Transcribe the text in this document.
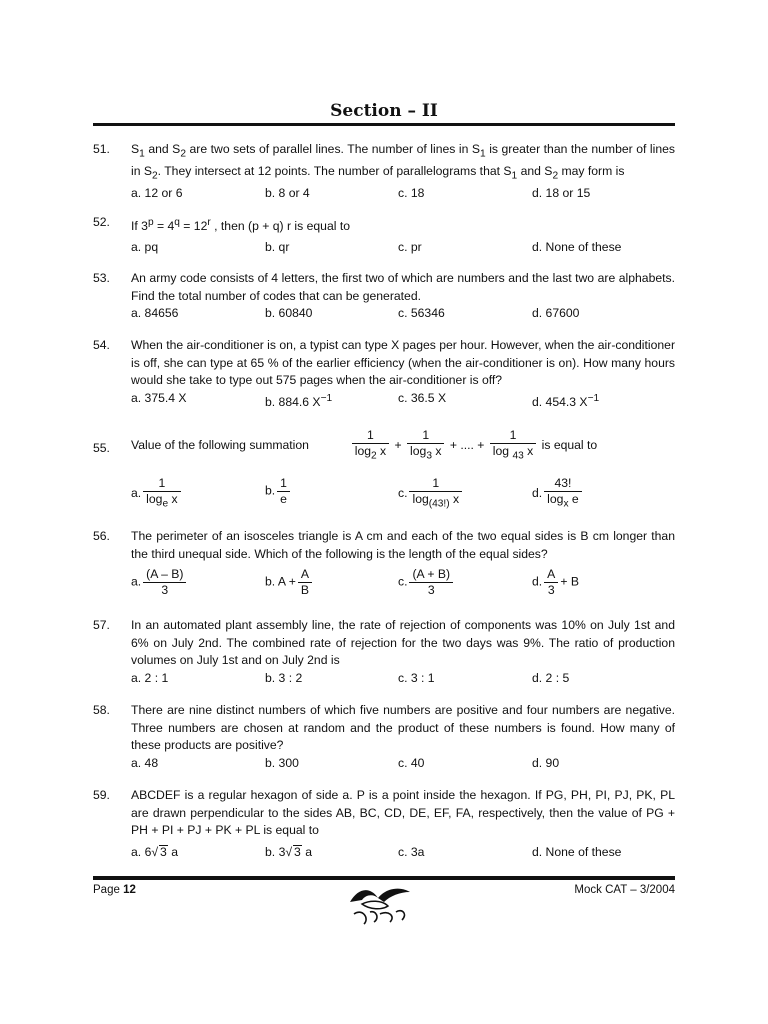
Section – II
51.	$S_1$ and $S_2$ are two sets of parallel lines. The number of lines in $S_1$ is greater than the number of lines in $S_2$. They intersect at 12 points. The number of parallelograms that $S_1$ and $S_2$ may form is
a. 12 or 6	b. 8 or 4	c. 18	d. 18 or 15
52.	If $3^p = 4^q = 12^r$ , then (p + q) r is equal to
a. pq	b. qr	c. pr	d. None of these
53.	An army code consists of 4 letters, the first two of which are numbers and the last two are alphabets. Find the total number of codes that can be generated.
a. 84656	b. 60840	c. 56346	d. 67600
54.	When the air-conditioner is on, a typist can type X pages per hour. However, when the air-conditioner is off, she can type at 65 % of the earlier efficiency (when the air-conditioner is on). How many hours would she take to type out 575 pages when the air-conditioner is off?
a. 375.4 X	b. 884.6 $X^{-1}$	c. 36.5 X	d. 454.3 $X^{-1}$
55.	Value of the following summation	$\frac{1}{\log_2 x} + \frac{1}{\log_3 x}$ + .... + $\frac{1}{\log _{43} x}$ is equal to
a. $\frac{1}{\log_e x}$	b. $\frac{1}{e}$	c. $\frac{1}{\log_{(43!)} x}$	d. $\frac{43!}{\log_x e}$
56.	The perimeter of an isosceles triangle is A cm and each of the two equal sides is B cm longer than the third unequal side. Which of the following is the length of the equal sides?
a. $\frac{(A - B)}{3}$	b. $A + \frac{A}{B}$	c. $\frac{(A + B)}{3}$	d. $\frac{A}{3} + B$
57.	In an automated plant assembly line, the rate of rejection of components was 10% on July 1st and 6% on July 2nd. The combined rate of rejection for the two days was 9%. The ratio of production volumes on July 1st and on July 2nd is
a. 2 : 1	b. 3 : 2	c. 3 : 1	d. 2 : 5
58.	There are nine distinct numbers of which five numbers are positive and four numbers are negative. Three numbers are chosen at random and the product of these numbers is found. How many of these products are positive?
a. 48	b. 300	c. 40	d. 90
59.	ABCDEF is a regular hexagon of side a. P is a point inside the hexagon. If PG, PH, PI, PJ, PK, PL are drawn perpendicular to the sides AB, BC, CD, DE, EF, FA, respectively, then the value of PG + PH + PI + PJ + PK + PL is equal to
a. 6√ 3 a	b. 3√ 3 a	c. 3a	d. None of these
Page 12	Mock CAT – 3/2004
